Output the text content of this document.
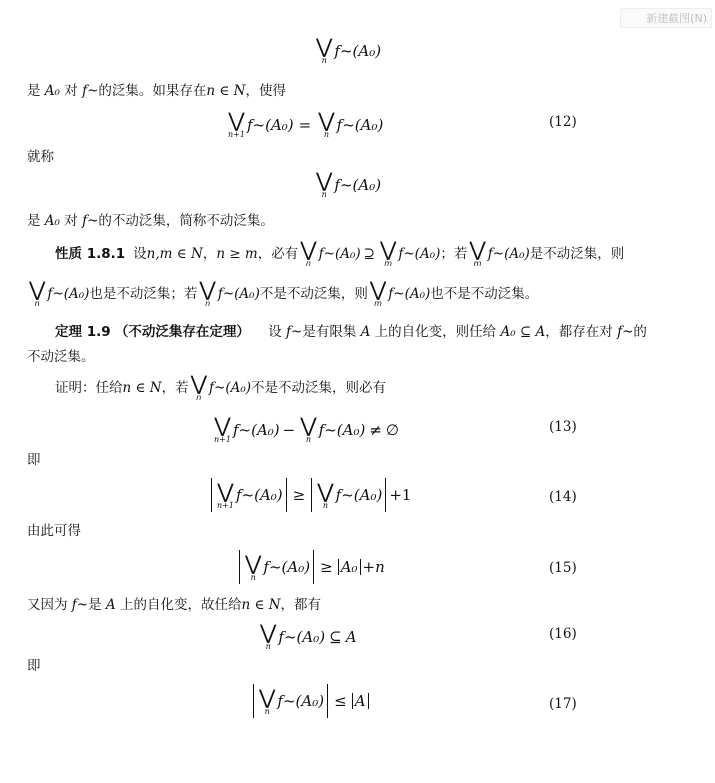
新建截图(N)
⋁
n
f ~ (A₀)
是 A₀ 对 f~的泛集。如果存在n ∈ N，使得
⋁
n+1
f ~ (A₀) = ⋁
n
f ~ (A₀)	(12)
就称
⋁
n
f ~ (A₀)
是 A₀ 对 f~的不动泛集，简称不动泛集。
性质 1.8.1 设 n,m ∈ N ， n ≥ m ，必有 ⋁
n
f ~ (A₀) ⊇ ⋁
m
f ~ (A₀) ；若 ⋁
m
f ~ (A₀) 是不动泛集，则
⋁
n
f ~ (A₀) 也是不动泛集；若 ⋁
n
f ~ (A₀) 不是不动泛集，则 ⋁
m
f ~ (A₀) 也不是不动泛集。
定理 1.9 （不动泛集存在定理） 设 f~是有限集 A 上的自化变，则任给 A₀ ⊆ A，都存在对 f~的
不动泛集。
证明：任给 n ∈ N ，若 ⋁
n
f ~ (A₀) 不是不动泛集，则必有
⋁
n+1
f ~ (A₀) − ⋁
n
f ~ (A₀) ≠ ∅	(13)
即
⋁
n+1
f ~ (A₀) ≥ ⋁
n
f ~ (A₀) +1	(14)
由此可得
⋁
n
f ~ (A₀) ≥ A₀ +n	(15)
又因为 f~是 A 上的自化变，故任给n ∈ N，都有
⋁
n
f ~ (A₀) ⊆ A	(16)
即
⋁
n
f ~ (A₀) ≤ A	(17)
